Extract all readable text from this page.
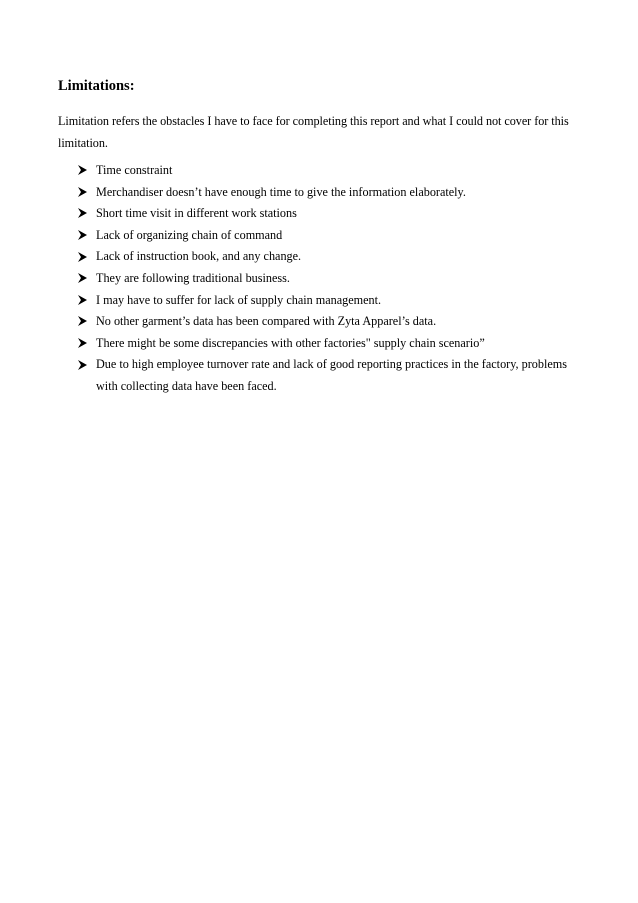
Limitations:
Limitation refers the obstacles I have to face for completing this report and what I could not cover for this limitation.
Time constraint
Merchandiser doesn’t have enough time to give the information elaborately.
Short time visit in different work stations
Lack of organizing chain of command
Lack of instruction book, and any change.
They are following traditional business.
I may have to suffer for lack of supply chain management.
No other garment’s data has been compared with Zyta Apparel’s data.
There might be some discrepancies with other factories" supply chain scenario”
Due to high employee turnover rate and lack of good reporting practices in the factory, problems with collecting data have been faced.
